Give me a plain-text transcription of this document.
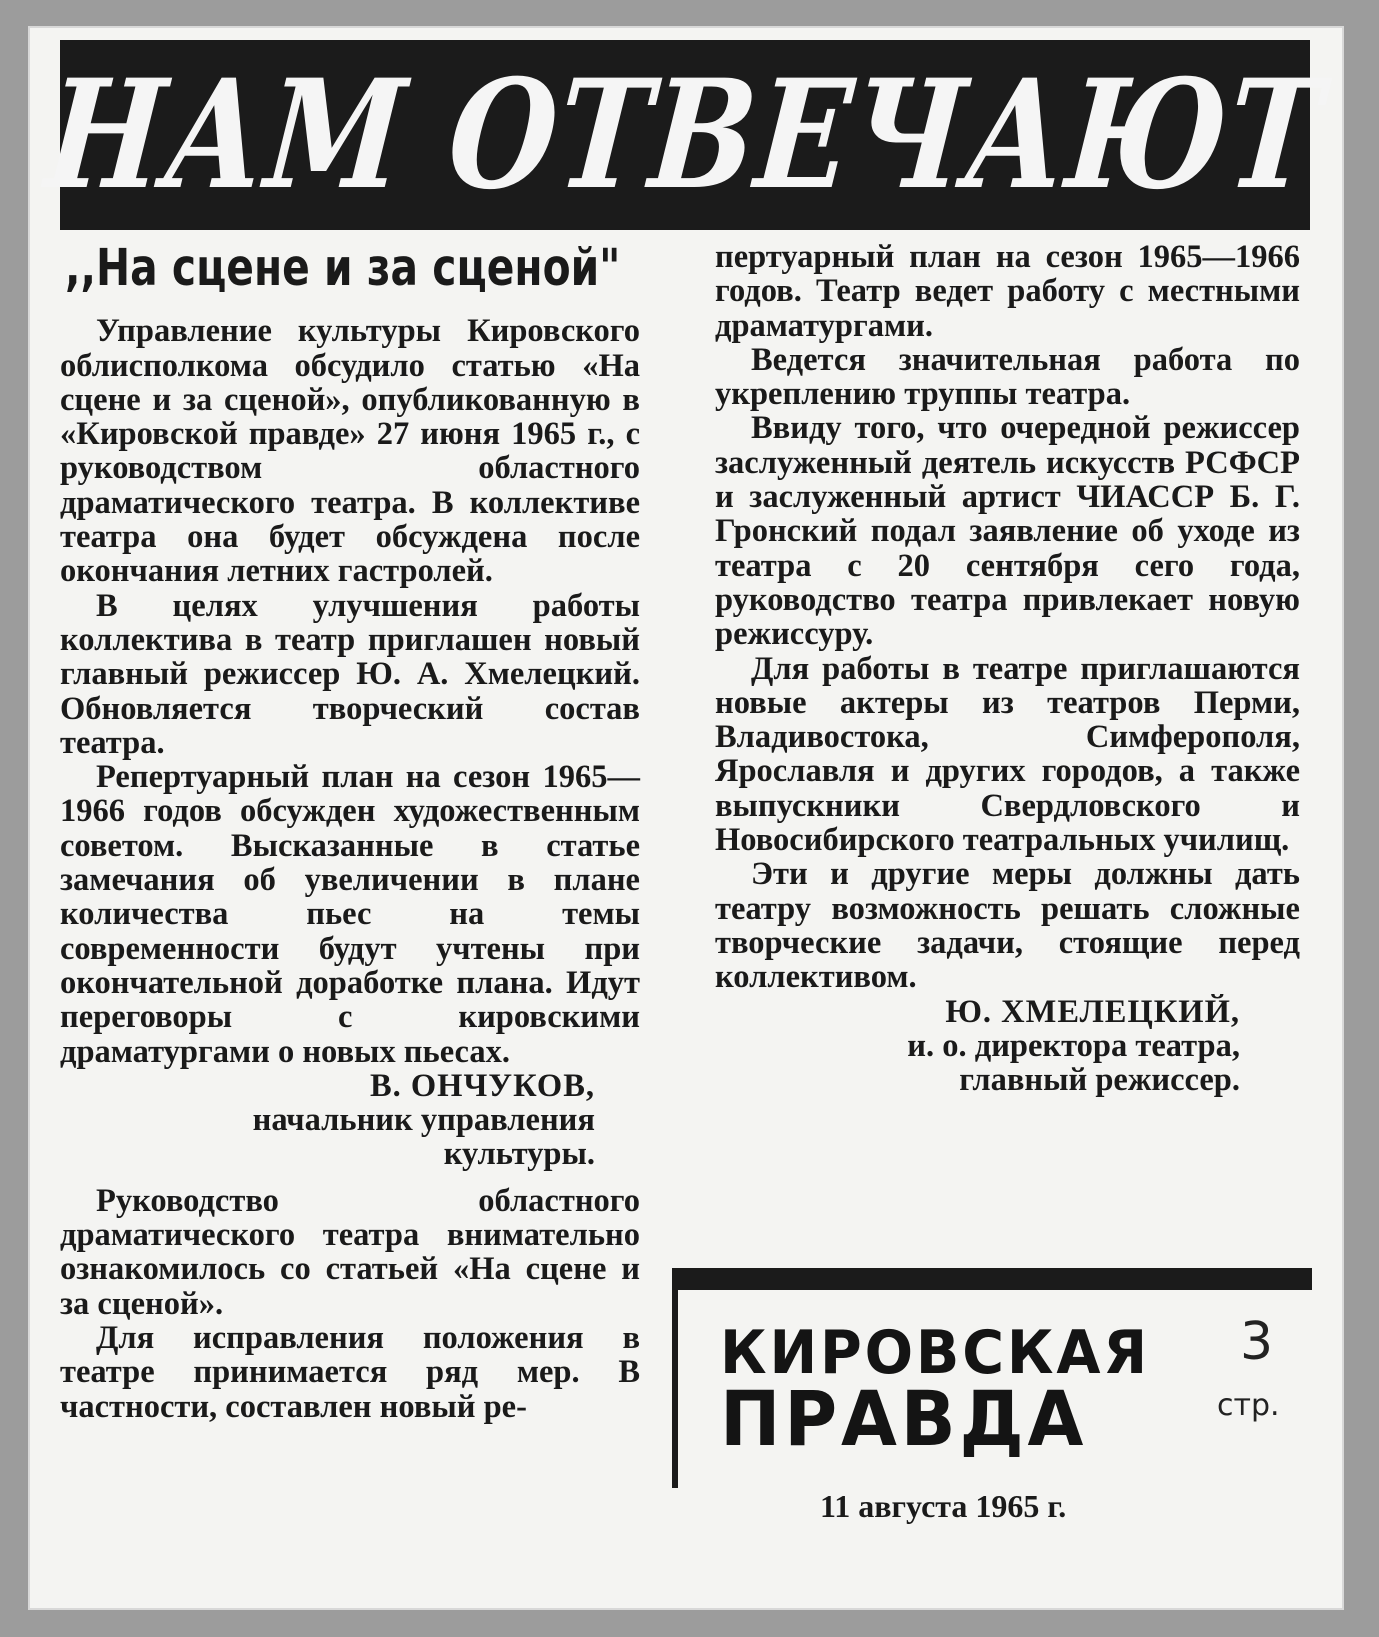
НАМ ОТВЕЧАЮТ
,,На сцене и за сценой"

Управление культуры Кировского облисполкома обсудило статью «На сцене и за сценой», опубликованную в «Кировской правде» 27 июня 1965 г., с руководством областного драматического театра. В коллективе театра она будет обсуждена после окончания летних гастролей.

В целях улучшения работы коллектива в театр приглашен новый главный режиссер Ю. А. Хмелецкий. Обновляется творческий состав театра.

Репертуарный план на сезон 1965—1966 годов обсужден художественным советом. Высказанные в статье замечания об увеличении в плане количества пьес на темы современности будут учтены при окончательной доработке плана. Идут переговоры с кировскими драматургами о новых пьесах.

В. ОНЧУКОВ,

начальник управления

культуры.

Руководство областного драматического театра внимательно ознакомилось со статьей «На сцене и за сценой».

Для исправления положения в театре принимается ряд мер. В частности, составлен новый ре-

пертуарный план на сезон 1965—1966 годов. Театр ведет работу с местными драматургами.

Ведется значительная работа по укреплению труппы театра.

Ввиду того, что очередной режиссер заслуженный деятель искусств РСФСР и заслуженный артист ЧИАССР Б. Г. Гронский подал заявление об уходе из театра с 20 сентября сего года, руководство театра привлекает новую режиссуру.

Для работы в театре приглашаются новые актеры из театров Перми, Владивостока, Симферополя, Ярославля и других городов, а также выпускники Свердловского и Новосибирского театральных училищ.

Эти и другие меры должны дать театру возможность решать сложные творческие задачи, стоящие перед коллективом.

Ю. ХМЕЛЕЦКИЙ,

и. о. директора театра,

главный режиссер.

КИРОВСКАЯ
ПРАВДА
3
стр.
11 августа 1965 г.
